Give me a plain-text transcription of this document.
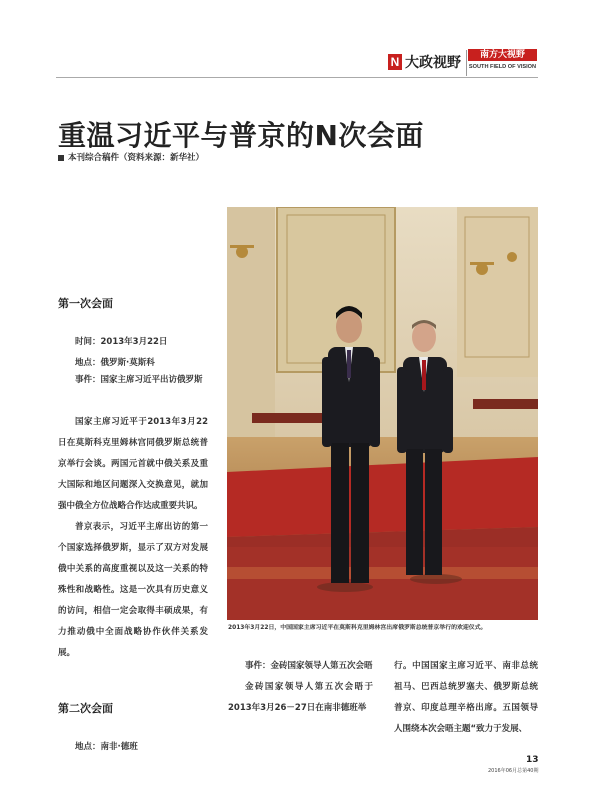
N 大政视野	南方大视野
SOUTH FIELD OF VISION
重温习近平与普京的N次会面
本刊综合稿件（资料来源：新华社）
2013年3月22日，中国国家主席习近平在莫斯科克里姆林宫出席俄罗斯总统普京举行的欢迎仪式。
第一次会面
时间：2013年3月22日
地点：俄罗斯·莫斯科
事件：国家主席习近平出访俄罗斯

国家主席习近平于2013年3月22日在莫斯科克里姆林宫同俄罗斯总统普京举行会谈。两国元首就中俄关系及重大国际和地区问题深入交换意见，就加强中俄全方位战略合作达成重要共识。

普京表示，习近平主席出访的第一个国家选择俄罗斯，显示了双方对发展俄中关系的高度重视以及这一关系的特殊性和战略性。这是一次具有历史意义的访问，相信一定会取得丰硕成果，有力推动俄中全面战略协作伙伴关系发展。

第二次会面
地点：南非·德班

事件：金砖国家领导人第五次会晤

金砖国家领导人第五次会晤于2013年3月26－27日在南非德班举

行。中国国家主席习近平、南非总统祖马、巴西总统罗塞夫、俄罗斯总统普京、印度总理辛格出席。五国领导人围绕本次会晤主题“致力于发展、

13
2016年06月总第40期
